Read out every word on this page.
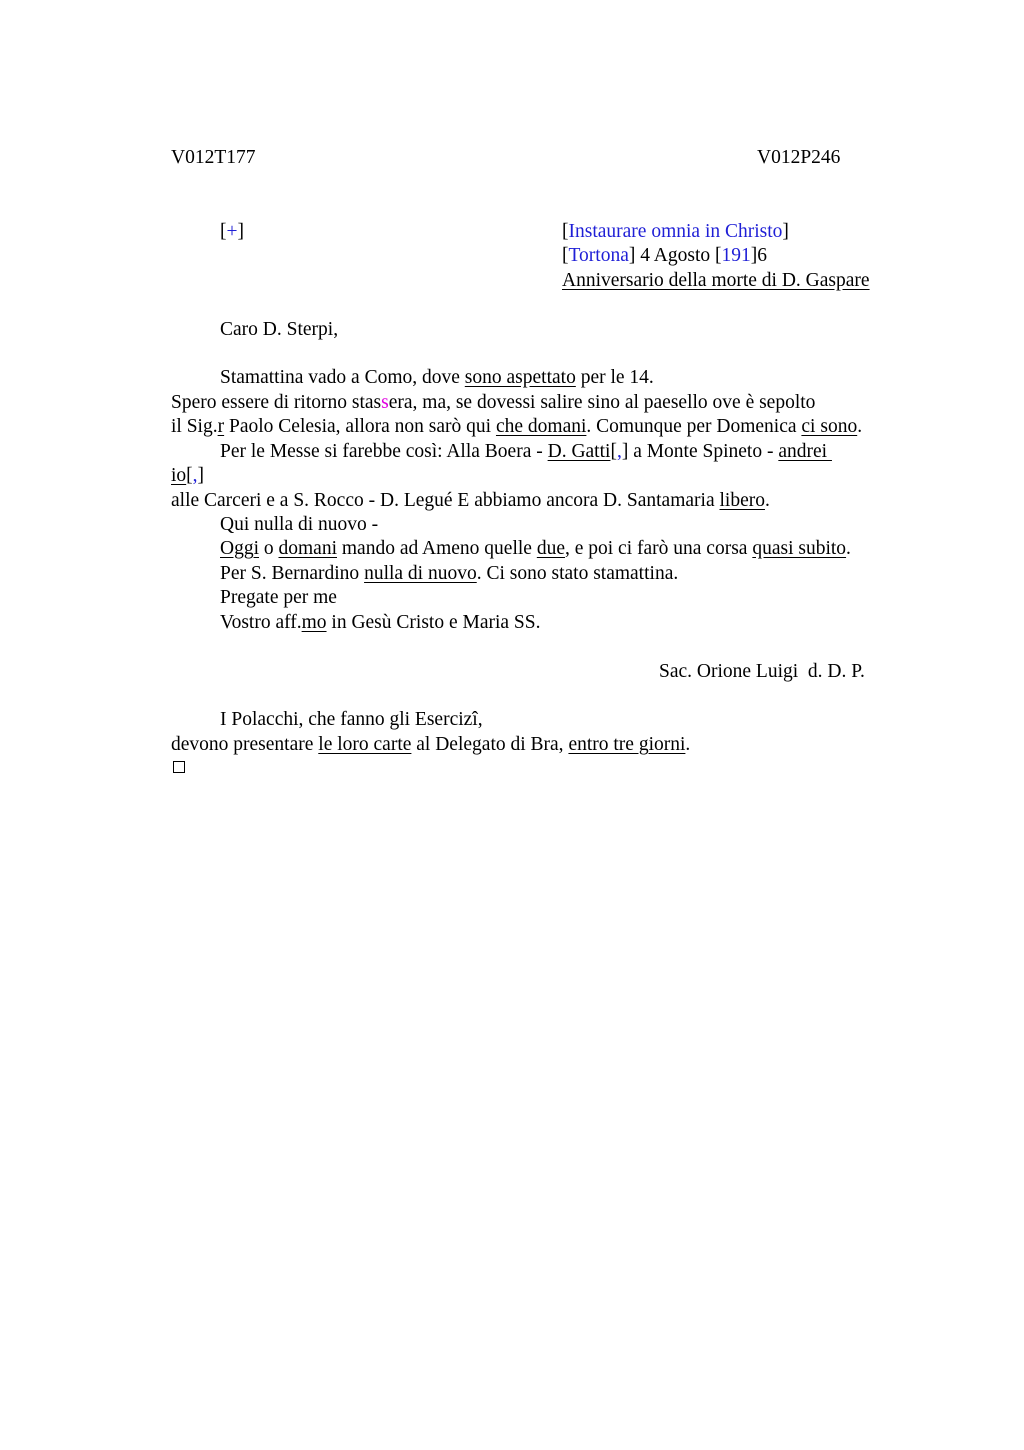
V012T177	V012P246
[+]	[Instaurare omnia in Christo]
[Tortona] 4 Agosto [191]6
Anniversario della morte di D. Gaspare
Caro D. Sterpi,
Stamattina vado a Como, dove sono aspettato per le 14.
Spero essere di ritorno stassera, ma, se dovessi salire sino al paesello ove è sepolto
il Sig.r Paolo Celesia, allora non sarò qui che domani. Comunque per Domenica ci sono.
Per le Messe si farebbe così: Alla Boera - D. Gatti[,] a Monte Spineto - andrei
io[,]
alle Carceri e a S. Rocco - D. Legué E abbiamo ancora D. Santamaria libero.
Qui nulla di nuovo -
Oggi o domani mando ad Ameno quelle due, e poi ci farò una corsa quasi subito.
Per S. Bernardino nulla di nuovo. Ci sono stato stamattina.
Pregate per me
Vostro aff.mo in Gesù Cristo e Maria SS.
Sac. Orione Luigi  d. D. P.
I Polacchi, che fanno gli Esercizi,
devono presentare le loro carte al Delegato di Bra, entro tre giorni.
